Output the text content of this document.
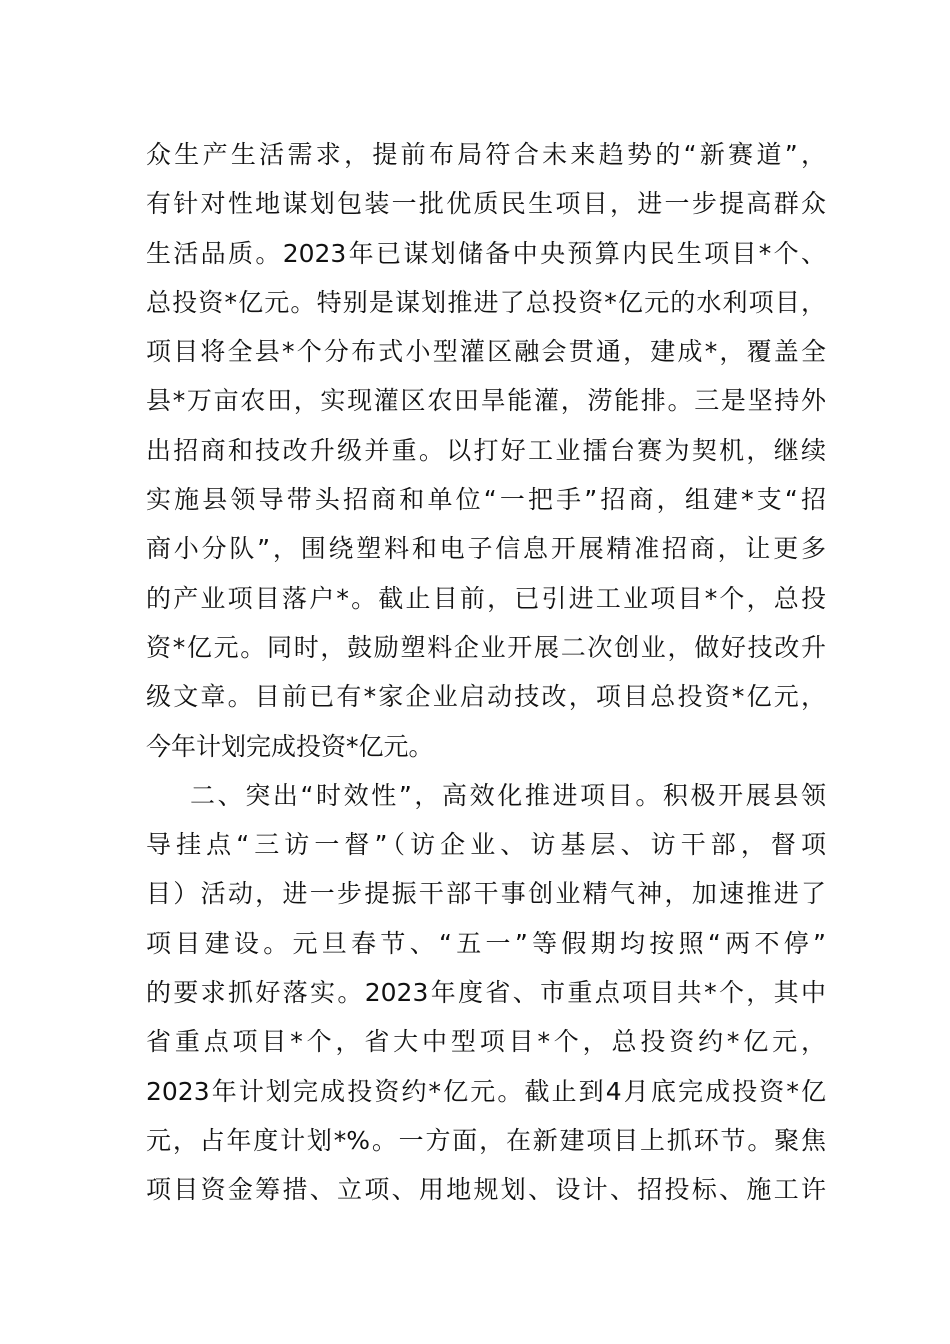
众生产生活需求，提前布局符合未来趋势的“新赛道”，
有针对性地谋划包装一批优质民生项目，进一步提高群众
生活品质。2023年已谋划储备中央预算内民生项目*个、
总投资*亿元。特别是谋划推进了总投资*亿元的水利项目，
项目将全县*个分布式小型灌区融会贯通，建成*，覆盖全
县*万亩农田，实现灌区农田旱能灌，涝能排。三是坚持外
出招商和技改升级并重。以打好工业擂台赛为契机，继续
实施县领导带头招商和单位“一把手”招商，组建*支“招
商小分队”，围绕塑料和电子信息开展精准招商，让更多
的产业项目落户*。截止目前，已引进工业项目*个，总投
资*亿元。同时，鼓励塑料企业开展二次创业，做好技改升
级文章。目前已有*家企业启动技改，项目总投资*亿元，
今年计划完成投资*亿元。
二、突出“时效性”，高效化推进项目。积极开展县领
导挂点“三访一督”（访企业、访基层、访干部，督项
目）活动，进一步提振干部干事创业精气神，加速推进了
项目建设。元旦春节、“五一”等假期均按照“两不停”
的要求抓好落实。2023年度省、市重点项目共*个，其中
省重点项目*个，省大中型项目*个，总投资约*亿元，
2023年计划完成投资约*亿元。截止到4月底完成投资*亿
元，占年度计划*%。一方面，在新建项目上抓环节。聚焦
项目资金筹措、立项、用地规划、设计、招投标、施工许
